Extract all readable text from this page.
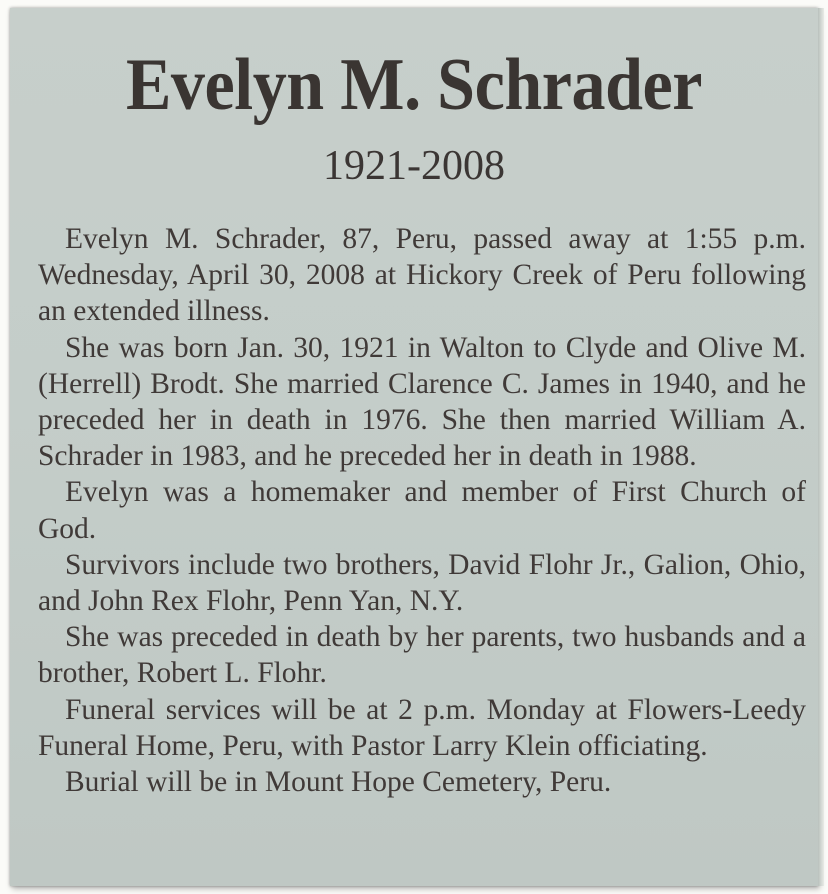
Evelyn M. Schrader
1921-2008

Evelyn M. Schrader, 87, Peru, passed away at 1:55 p.m. Wednesday, April 30, 2008 at Hickory Creek of Peru following an extended illness.

She was born Jan. 30, 1921 in Walton to Clyde and Olive M. (Herrell) Brodt. She married Clarence C. James in 1940, and he preceded her in death in 1976. She then married William A. Schrader in 1983, and he preceded her in death in 1988.

Evelyn was a homemaker and member of First Church of God.

Survivors include two brothers, David Flohr Jr., Galion, Ohio, and John Rex Flohr, Penn Yan, N.Y.

She was preceded in death by her parents, two husbands and a brother, Robert L. Flohr.

Funeral services will be at 2 p.m. Monday at Flowers-Leedy Funeral Home, Peru, with Pastor Larry Klein officiating.

Burial will be in Mount Hope Cemetery, Peru.
